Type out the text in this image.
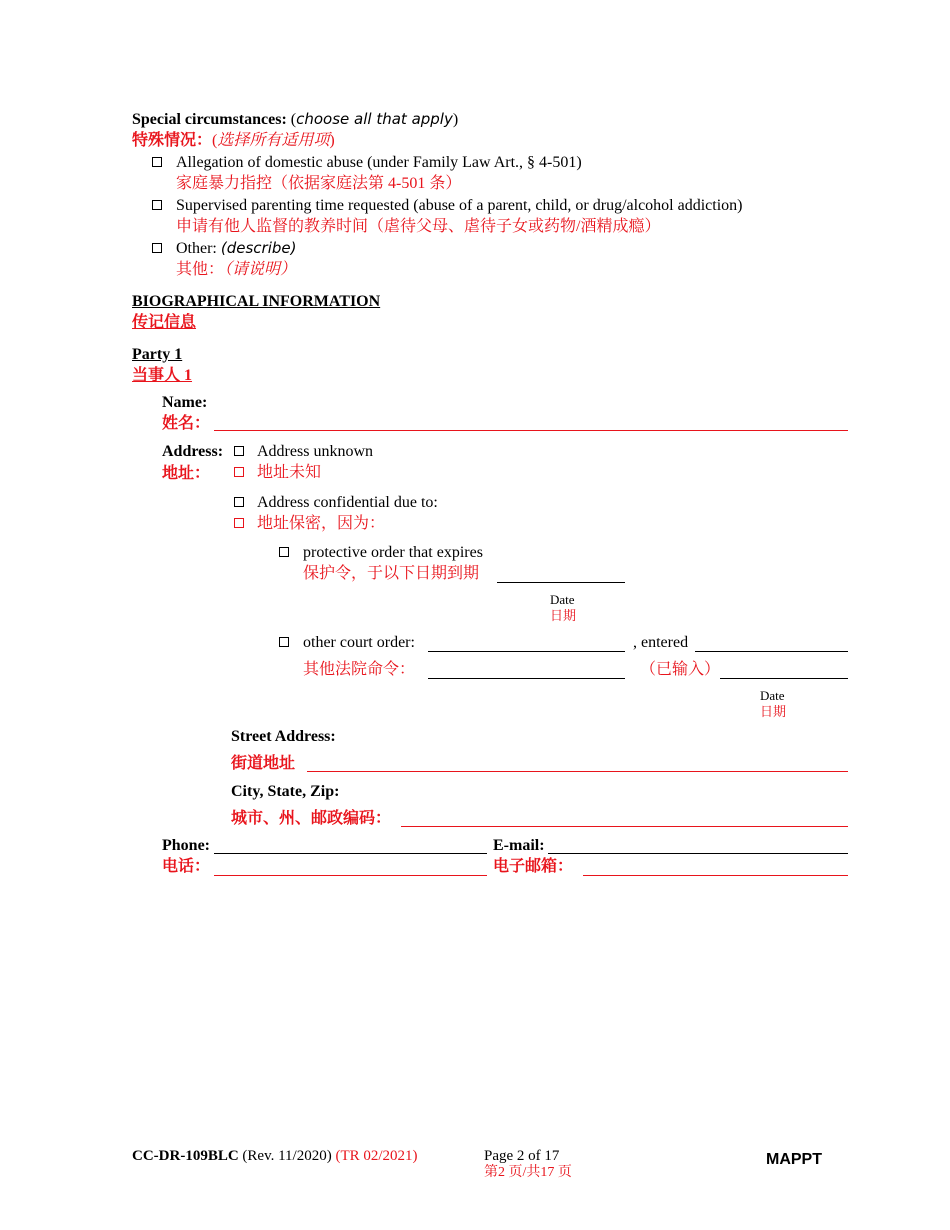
Special circumstances: (choose all that apply)
特殊情况：(选择所有适用项)
Allegation of domestic abuse (under Family Law Art., § 4-501)
家庭暴力指控（依据家庭法第 4-501 条）
Supervised parenting time requested (abuse of a parent, child, or drug/alcohol addiction)
申请有他人监督的教养时间（虐待父母、虐待子女或药物/酒精成瘾）
Other: (describe)
其他：（请说明）
BIOGRAPHICAL INFORMATION
传记信息
Party 1
当事人 1
Name:
姓名：
Address:
地址：
Address unknown
地址未知
Address confidential due to:
地址保密，因为：
protective order that expires
保护令，于以下日期到期
Date
日期
other court order:	, entered
其他法院命令：	（已输入）
Date
日期
Street Address:
街道地址
City, State, Zip:
城市、州、邮政编码：
Phone:	E-mail:
电话：	电子邮箱：
CC-DR-109BLC (Rev. 11/2020) (TR 02/2021)	Page 2 of 17
第2 页/共17 页
MAPPT
